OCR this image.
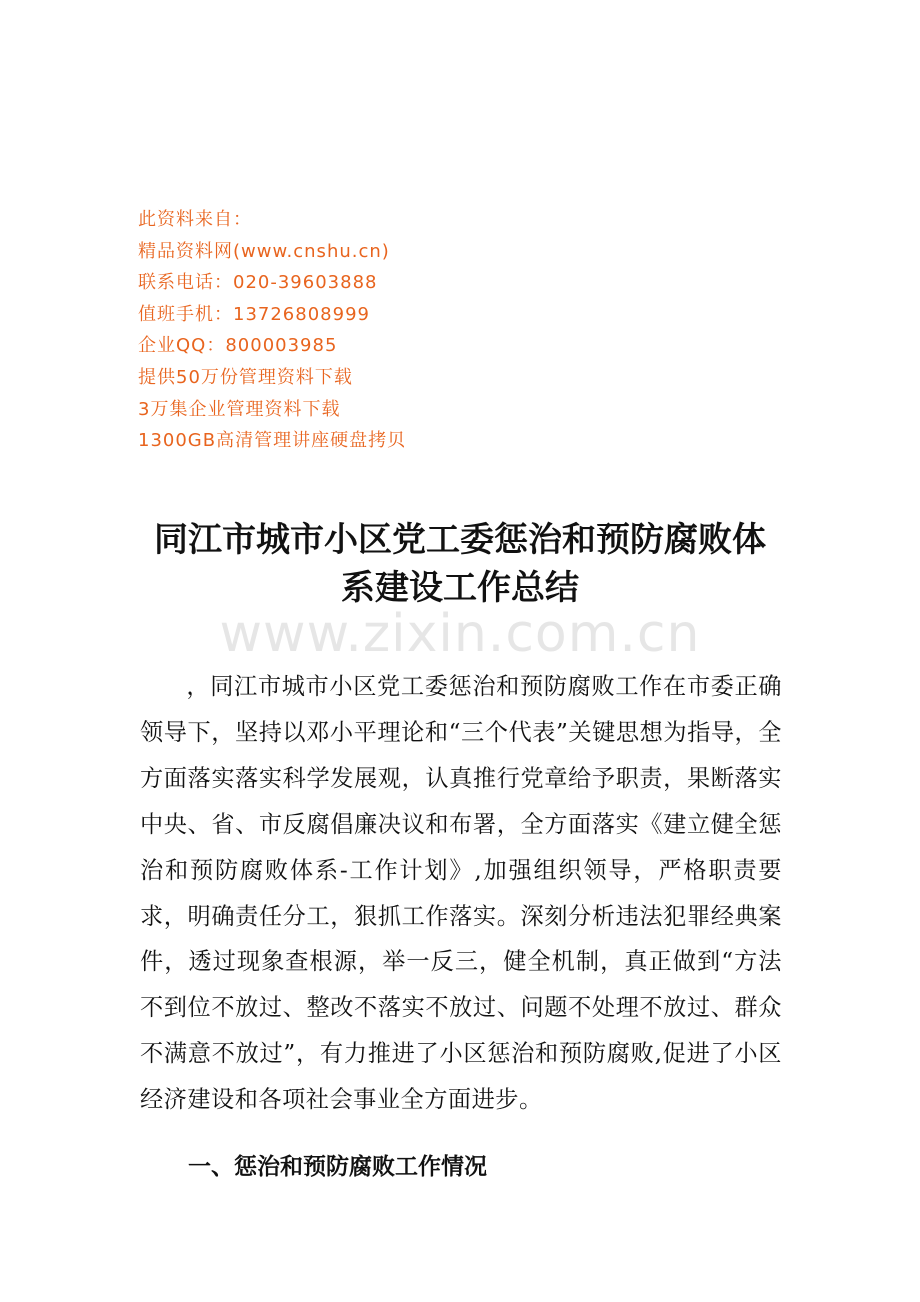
此资料来自：
精品资料网(www.cnshu.cn)
联系电话：020-39603888
值班手机：13726808999
企业QQ：800003985
提供50万份管理资料下载
3万集企业管理资料下载
1300GB高清管理讲座硬盘拷贝
同江市城市小区党工委惩治和预防腐败体
系建设工作总结
www.zixin.com.cn

，同江市城市小区党工委惩治和预防腐败工作在市委正确领导下，坚持以邓小平理论和“三个代表”关键思想为指导，全方面落实落实科学发展观，认真推行党章给予职责，果断落实中央、省、市反腐倡廉决议和布署，全方面落实《建立健全惩治和预防腐败体系-工作计划》,加强组织领导，严格职责要求，明确责任分工，狠抓工作落实。深刻分析违法犯罪经典案件，透过现象查根源，举一反三，健全机制，真正做到“方法不到位不放过、整改不落实不放过、问题不处理不放过、群众不满意不放过”，有力推进了小区惩治和预防腐败,促进了小区经济建设和各项社会事业全方面进步。

一、惩治和预防腐败工作情况
